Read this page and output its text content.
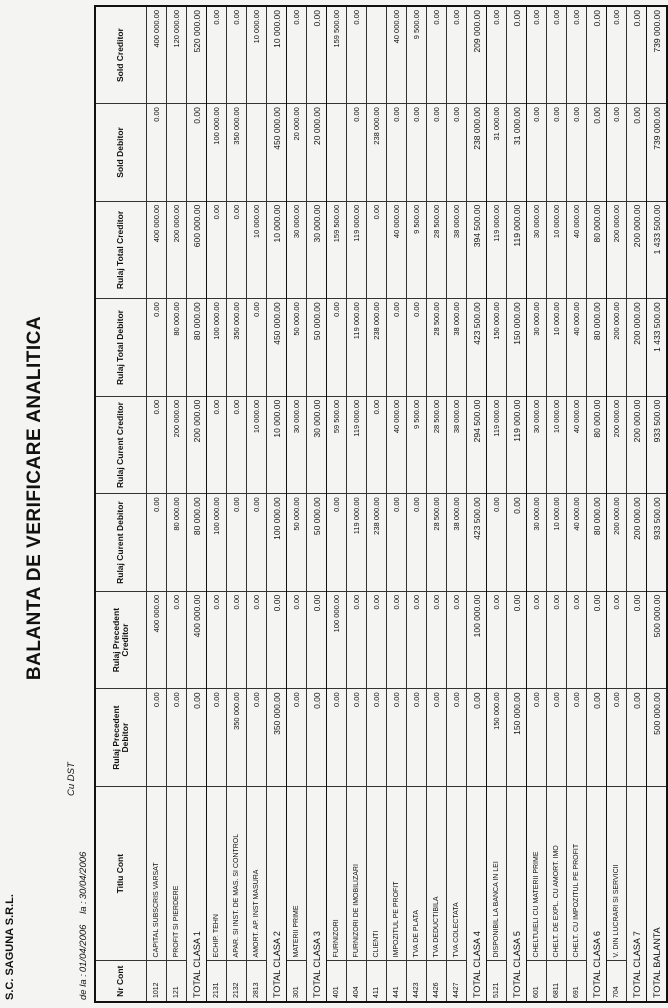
S.C. SAGUNA S.R.L.
BALANTA DE VERIFICARE ANALITICA
de la :01/04/2006 la :30/04/2006
Cu DST
Nr Cont	Titlu Cont	Rulaj Precedent Debitor	Rulaj Precedent Creditor	Rulaj Curent Debitor	Rulaj Curent Creditor	Rulaj Total Debitor	Rulaj Total Creditor	Sold Debitor	Sold Creditor
1012	CAPITAL SUBSCRIS VARSAT	0.00	400 000.00	0.00	0.00	0.00	400 000.00	0.00	400 000.00
121	PROFIT SI PIERDERE	0.00	0.00	80 000.00	200 000.00	80 000.00	200 000.00		120 000.00
TOTAL CLASA 1		0.00	400 000.00	80 000.00	200 000.00	80 000.00	600 000.00	0.00	520 000.00
2131	ECHIP. TEHN	0.00	0.00	100 000.00	0.00	100 000.00	0.00	100 000.00	0.00
2132	APAR. SI INST. DE MAS. SI CONTROL	350 000.00	0.00	0.00	0.00	350 000.00	0.00	350 000.00	0.00
2813	AMORT. AP. INST MASURA	0.00	0.00	0.00	10 000.00	0.00	10 000.00		10 000.00
TOTAL CLASA 2		350 000.00	0.00	100 000.00	10 000.00	450 000.00	10 000.00	450 000.00	10 000.00
301	MATERII PRIME	0.00	0.00	50 000.00	30 000.00	50 000.00	30 000.00	20 000.00	0.00
TOTAL CLASA 3		0.00	0.00	50 000.00	30 000.00	50 000.00	30 000.00	20 000.00	0.00
401	FURNIZORI	0.00	100 000.00	0.00	59 500.00	0.00	159 500.00		159 500.00
404	FURNIZORI DE IMOBILIZARI	0.00	0.00	119 000.00	119 000.00	119 000.00	119 000.00	0.00	0.00
411	CLIENTI	0.00	0.00	238 000.00	0.00	238 000.00	0.00	238 000.00	
441	IMPOZITUL PE PROFIT	0.00	0.00	0.00	40 000.00	0.00	40 000.00	0.00	40 000.00
4423	TVA DE PLATA	0.00	0.00	0.00	9 500.00	0.00	9 500.00	0.00	9 500.00
4426	TVA DEDUCTIBILA	0.00	0.00	28 500.00	28 500.00	28 500.00	28 500.00	0.00	0.00
4427	TVA COLECTATA	0.00	0.00	38 000.00	38 000.00	38 000.00	38 000.00	0.00	0.00
TOTAL CLASA 4		0.00	100 000.00	423 500.00	294 500.00	423 500.00	394 500.00	238 000.00	209 000.00
5121	DISPONIBIL LA BANCA IN LEI	150 000.00	0.00	0.00	119 000.00	150 000.00	119 000.00	31 000.00	0.00
TOTAL CLASA 5		150 000.00	0.00	0.00	119 000.00	150 000.00	119 000.00	31 000.00	0.00
601	CHELTUIELI CU MATERII PRIME	0.00	0.00	30 000.00	30 000.00	30 000.00	30 000.00	0.00	0.00
6811	CHELT. DE EXPL. CU AMORT. IMO	0.00	0.00	10 000.00	10 000.00	10 000.00	10 000.00	0.00	0.00
691	CHELT. CU IMPOZITUL PE PROFIT	0.00	0.00	40 000.00	40 000.00	40 000.00	40 000.00	0.00	0.00
TOTAL CLASA 6		0.00	0.00	80 000.00	80 000.00	80 000.00	80 000.00	0.00	0.00
704	V. DIN LUCRARI SI SERVICII	0.00	0.00	200 000.00	200 000.00	200 000.00	200 000.00	0.00	0.00
TOTAL CLASA 7		0.00	0.00	200 000.00	200 000.00	200 000.00	200 000.00	0.00	0.00
TOTAL BALANTA		500 000.00	500 000.00	933 500.00	933 500.00	1 433 500.00	1 433 500.00	739 000.00	739 000.00
